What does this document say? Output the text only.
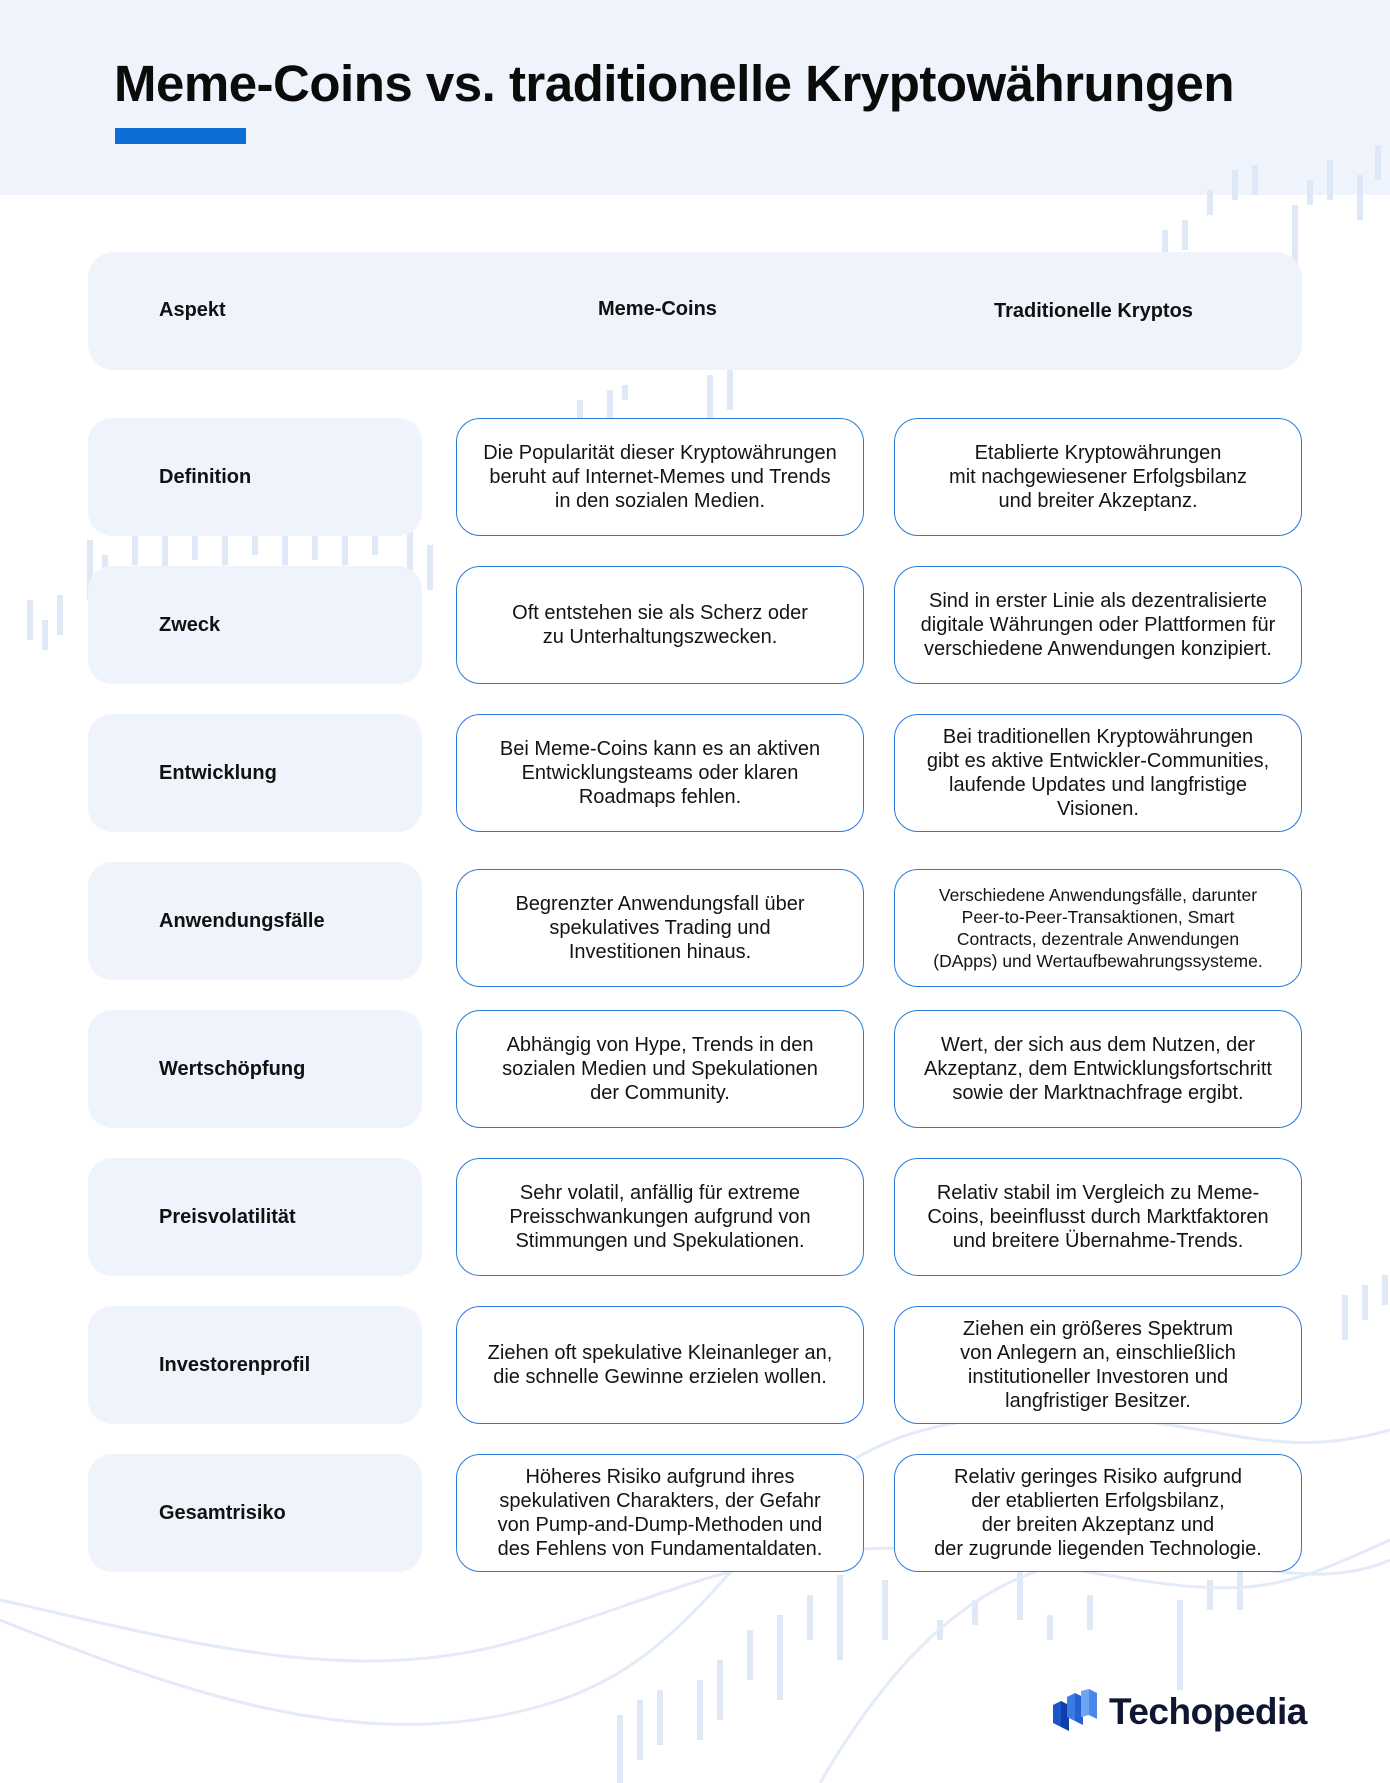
Meme-Coins vs. traditionelle Kryptowährungen
Aspekt	Meme-Coins	Traditionelle Kryptos
Definition
Die Popularität dieser Kryptowährungen
beruht auf Internet-Memes und Trends
in den sozialen Medien.
Etablierte Kryptowährungen
mit nachgewiesener Erfolgsbilanz
und breiter Akzeptanz.
Zweck
Oft entstehen sie als Scherz oder
zu Unterhaltungszwecken.
Sind in erster Linie als dezentralisierte
digitale Währungen oder Plattformen für
verschiedene Anwendungen konzipiert.
Entwicklung
Bei Meme-Coins kann es an aktiven
Entwicklungsteams oder klaren
Roadmaps fehlen.
Bei traditionellen Kryptowährungen
gibt es aktive Entwickler-Communities,
laufende Updates und langfristige
Visionen.
Anwendungsfälle
Begrenzter Anwendungsfall über
spekulatives Trading und
Investitionen hinaus.
Verschiedene Anwendungsfälle, darunter
Peer-to-Peer-Transaktionen, Smart
Contracts, dezentrale Anwendungen
(DApps) und Wertaufbewahrungssysteme.
Wertschöpfung
Abhängig von Hype, Trends in den
sozialen Medien und Spekulationen
der Community.
Wert, der sich aus dem Nutzen, der
Akzeptanz, dem Entwicklungsfortschritt
sowie der Marktnachfrage ergibt.
Preisvolatilität
Sehr volatil, anfällig für extreme
Preisschwankungen aufgrund von
Stimmungen und Spekulationen.
Relativ stabil im Vergleich zu Meme-
Coins, beeinflusst durch Marktfaktoren
und breitere Übernahme-Trends.
Investorenprofil
Ziehen oft spekulative Kleinanleger an,
die schnelle Gewinne erzielen wollen.
Ziehen ein größeres Spektrum
von Anlegern an, einschließlich
institutioneller Investoren und
langfristiger Besitzer.
Gesamtrisiko
Höheres Risiko aufgrund ihres
spekulativen Charakters, der Gefahr
von Pump-and-Dump-Methoden und
des Fehlens von Fundamentaldaten.
Relativ geringes Risiko aufgrund
der etablierten Erfolgsbilanz,
der breiten Akzeptanz und
der zugrunde liegenden Technologie.
Techopedia
